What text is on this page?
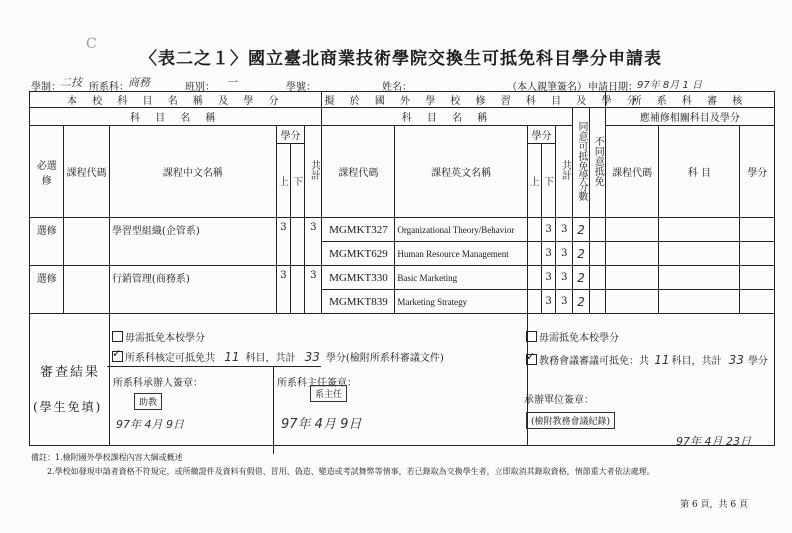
C
〈表二之１〉國立臺北商業技術學院交換生可抵免科目學分申請表
學制： 二技 所系科： 商務	班別： 一	學號：	姓名：	（本人親筆簽名） 申請日期： 97年 8月 1 日
本 校 科 目 名 稱 及 學 分						擬 於 國 外 學 校 修 習 科 目 及 學 分							所 系 科 審 核		
科 目 名 稱						科 目 名 稱					同意可抵免學分數	不同意抵免	應補修相關科目及學分		

必選修	課程代碼	課程中文名稱	學分		共計	課程代碼	課程英文名稱	學分		共計			課程代碼	科 目	學分
			上	下				上	下						
選修		學習型組織(企管系)	3		3	MGMKT327	Organizational Theory/Behavior		3	3	2				
						MGMKT629	Human Resource Management		3	3	2				
選修		行銷管理(商務系)	3		3	MGMKT330	Basic Marketing		3	3	2				
						MGMKT839	Marketing Strategy		3	3	2				

審查結果
(學生免填)
毋需抵免本校學分
✓所系科核定可抵免共 11 科目，共計 33 學分(檢附所系科審議文件)
所系科承辦人簽章：
助教
97年 4月 9日
所系科主任簽章：
系主任
97年 4月 9日
毋需抵免本校學分
✓教務會議審議可抵免：共 11 科目，共計 33 學分
承辦單位簽章：
(檢附教務會議紀錄)
97年 4月 23日
備註：1.檢附國外學校課程內容大綱或概述
2.學校如發現申請者資格不符規定，或所繳證件及資料有假借、冒用、偽造、變造或考試舞弊等情事，若已錄取為交換學生者，立即取消其錄取資格，情節重大者依法處理。
第 6 頁，共 6 頁
